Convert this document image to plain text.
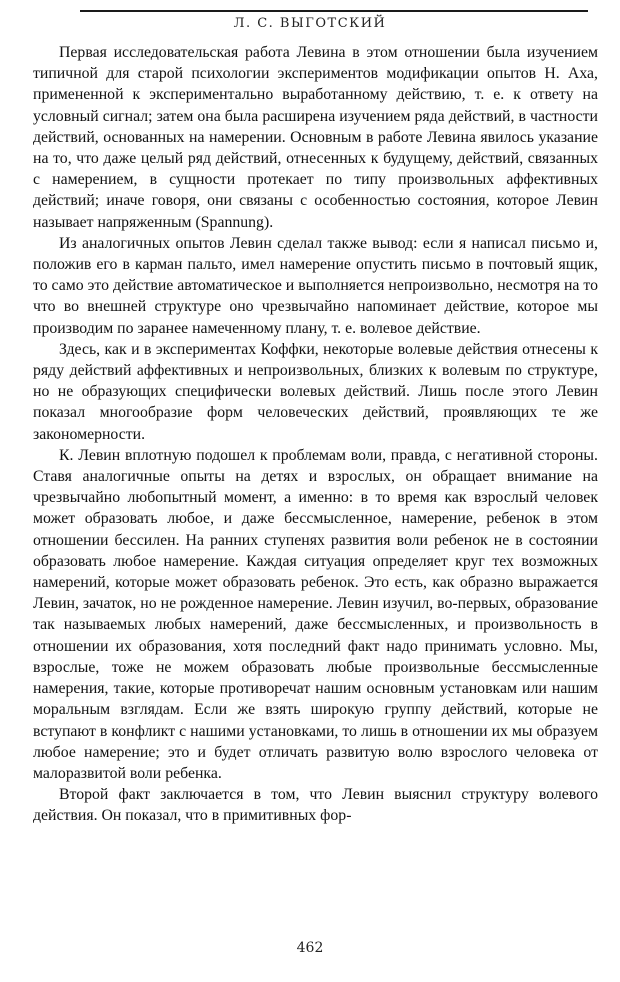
Л. С. ВЫГОТСКИЙ

Первая исследовательская работа Левина в этом отношении была изучением типичной для старой психологии экспериментов модификации опытов Н. Аха, примененной к экспериментально выработанному действию, т. е. к ответу на условный сигнал; затем она была расширена изучением ряда действий, в частности действий, основанных на намерении. Основным в работе Левина явилось указание на то, что даже целый ряд действий, отнесенных к будущему, действий, связанных с намерением, в сущности протекает по типу произвольных аффективных действий; иначе говоря, они связаны с особенностью состояния, которое Левин называет напряженным (Spannung).

Из аналогичных опытов Левин сделал также вывод: если я написал письмо и, положив его в карман пальто, имел намерение опустить письмо в почтовый ящик, то само это действие автоматическое и выполняется непроизвольно, несмотря на то что во внешней структуре оно чрезвычайно напоминает действие, которое мы производим по заранее намеченному плану, т. е. волевое действие.

Здесь, как и в экспериментах Коффки, некоторые волевые действия отнесены к ряду действий аффективных и непроизвольных, близких к волевым по структуре, но не образующих специфически волевых действий. Лишь после этого Левин показал многообразие форм человеческих действий, проявляющих те же закономерности.

К. Левин вплотную подошел к проблемам воли, правда, с негативной стороны. Ставя аналогичные опыты на детях и взрослых, он обращает внимание на чрезвычайно любопытный момент, а именно: в то время как взрослый человек может образовать любое, и даже бессмысленное, намерение, ребенок в этом отношении бессилен. На ранних ступенях развития воли ребенок не в состоянии образовать любое намерение. Каждая ситуация определяет круг тех возможных намерений, которые может образовать ребенок. Это есть, как образно выражается Левин, зачаток, но не рожденное намерение. Левин изучил, во-первых, образование так называемых любых намерений, даже бессмысленных, и произвольность в отношении их образования, хотя последний факт надо принимать условно. Мы, взрослые, тоже не можем образовать любые произвольные бессмысленные намерения, такие, которые противоречат нашим основным установкам или нашим моральным взглядам. Если же взять широкую группу действий, которые не вступают в конфликт с нашими установками, то лишь в отношении их мы образуем любое намерение; это и будет отличать развитую волю взрослого человека от малоразвитой воли ребенка.

Второй факт заключается в том, что Левин выяснил структуру волевого действия. Он показал, что в примитивных фор-

462
